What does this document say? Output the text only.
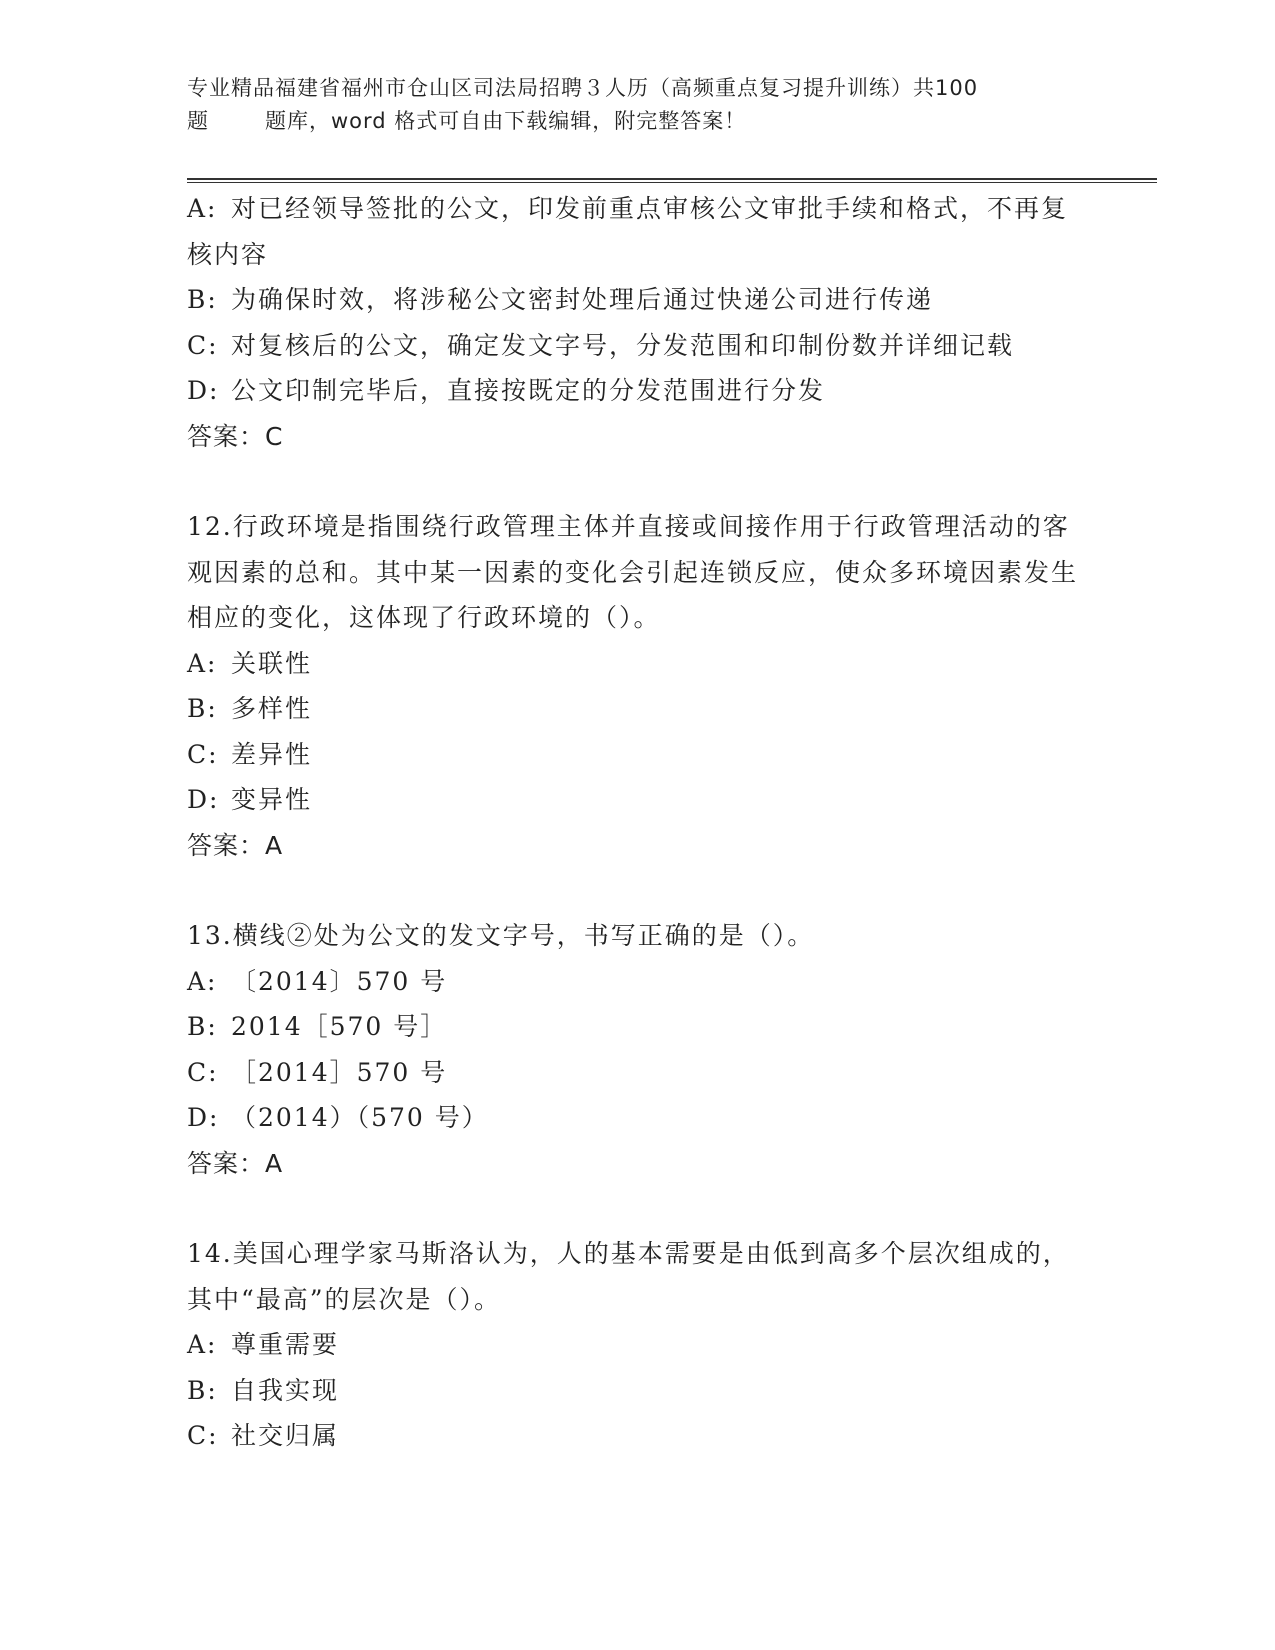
专业精品福建省福州市仓山区司法局招聘３人历（高频重点复习提升训练）共100
题	题库，word 格式可自由下载编辑，附完整答案！

A: 对已经领导签批的公文，印发前重点审核公文审批手续和格式，不再复核内容

B: 为确保时效，将涉秘公文密封处理后通过快递公司进行传递

C: 对复核后的公文，确定发文字号，分发范围和印制份数并详细记载

D: 公文印制完毕后，直接按既定的分发范围进行分发

答案：C

12.行政环境是指围绕行政管理主体并直接或间接作用于行政管理活动的客观因素的总和。其中某一因素的变化会引起连锁反应，使众多环境因素发生相应的变化，这体现了行政环境的（）。

A: 关联性

B: 多样性

C: 差异性

D: 变异性

答案：A

13.横线②处为公文的发文字号，书写正确的是（）。

A: 〔2014〕570 号

B: 2014［570 号］

C: ［2014］570 号

D: （2014）（570 号）

答案：A

14.美国心理学家马斯洛认为，人的基本需要是由低到高多个层次组成的，其中“最高”的层次是（）。

A: 尊重需要

B: 自我实现

C: 社交归属
